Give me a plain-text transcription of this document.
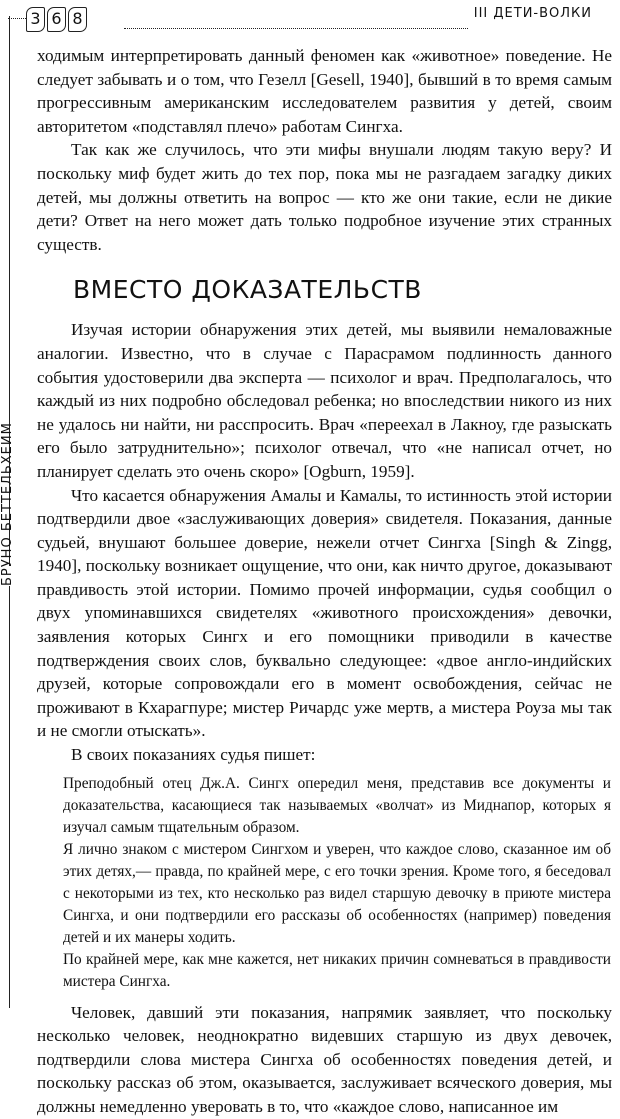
3 6 8	III ДЕТИ-ВОЛКИ
БРУНО БЕТТЕЛЬХЕЙМ

ходимым интерпретировать данный феномен как «животное» поведение. Не следует забывать и о том, что Гезелл [Gesell, 1940], бывший в то время самым прогрессивным американским исследователем развития у детей, своим авторитетом «подставлял плечо» работам Сингха.

Так как же случилось, что эти мифы внушали людям такую веру? И поскольку миф будет жить до тех пор, пока мы не разгадаем загадку диких детей, мы должны ответить на вопрос — кто же они такие, если не дикие дети? Ответ на него может дать только подробное изучение этих странных существ.

ВМЕСТО ДОКАЗАТЕЛЬСТВ

Изучая истории обнаружения этих детей, мы выявили немаловажные аналогии. Известно, что в случае с Парасрамом подлинность данного события удостоверили два эксперта — психолог и врач. Предполагалось, что каждый из них подробно обследовал ребенка; но впоследствии никого из них не удалось ни найти, ни расспросить. Врач «переехал в Лакноу, где разыскать его было затруднительно»; психолог отвечал, что «не написал отчет, но планирует сделать это очень скоро» [Ogburn, 1959].

Что касается обнаружения Амалы и Камалы, то истинность этой истории подтвердили двое «заслуживающих доверия» свидетеля. Показания, данные судьей, внушают большее доверие, нежели отчет Сингха [Singh & Zingg, 1940], поскольку возникает ощущение, что они, как ничто другое, доказывают правдивость этой истории. Помимо прочей информации, судья сообщил о двух упоминавшихся свидетелях «животного происхождения» девочки, заявления которых Сингх и его помощники приводили в качестве подтверждения своих слов, буквально следующее: «двое англо-индийских друзей, которые сопровождали его в момент освобождения, сейчас не проживают в Кхарагпуре; мистер Ричардс уже мертв, а мистера Роуза мы так и не смогли отыскать».

В своих показаниях судья пишет:

Преподобный отец Дж.А. Сингх опередил меня, представив все документы и доказательства, касающиеся так называемых «волчат» из Миднапор, которых я изучал самым тщательным образом.

Я лично знаком с мистером Сингхом и уверен, что каждое слово, сказанное им об этих детях,— правда, по крайней мере, с его точки зрения. Кроме того, я беседовал с некоторыми из тех, кто несколько раз видел старшую девочку в приюте мистера Сингха, и они подтвердили его рассказы об особенностях (например) поведения детей и их манеры ходить.

По крайней мере, как мне кажется, нет никаких причин сомневаться в правдивости мистера Сингха.

Человек, давший эти показания, напрямик заявляет, что поскольку несколько человек, неоднократно видевших старшую из двух девочек, подтвердили слова мистера Сингха об особенностях поведения детей, и поскольку рассказ об этом, оказывается, заслуживает всяческого доверия, мы должны немедленно уверовать в то, что «каждое слово, написанное им
